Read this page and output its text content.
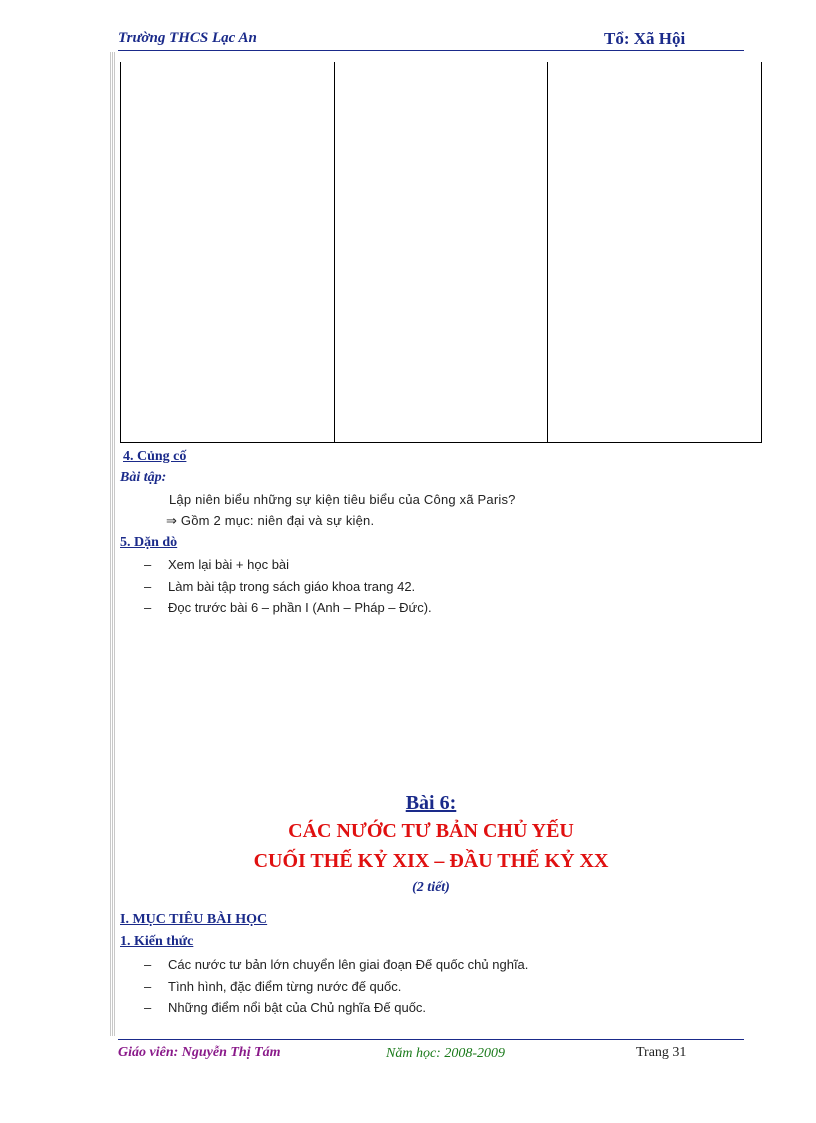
Trường THCS Lạc An	Tổ: Xã Hội
4. Củng cố
Bài tập:
Lập niên biểu những sự kiện tiêu biểu của Công xã Paris?
⇒ Gồm 2 mục: niên đại và sự kiện.
5. Dặn dò
– Xem lại bài + học bài
– Làm bài tập trong sách giáo khoa trang 42.
– Đọc trước bài 6 – phần I (Anh – Pháp – Đức).
Bài 6:
CÁC NƯỚC TƯ BẢN CHỦ YẾU
CUỐI THẾ KỶ XIX – ĐẦU THẾ KỶ XX
(2 tiết)
I. MỤC TIÊU BÀI HỌC
1. Kiến thức
– Các nước tư bản lớn chuyển lên giai đoạn Đế quốc chủ nghĩa.
– Tình hình, đặc điểm từng nước đế quốc.
– Những điểm nổi bật của Chủ nghĩa Đế quốc.
Giáo viên: Nguyễn Thị Tám	Năm học: 2008-2009	Trang 31
